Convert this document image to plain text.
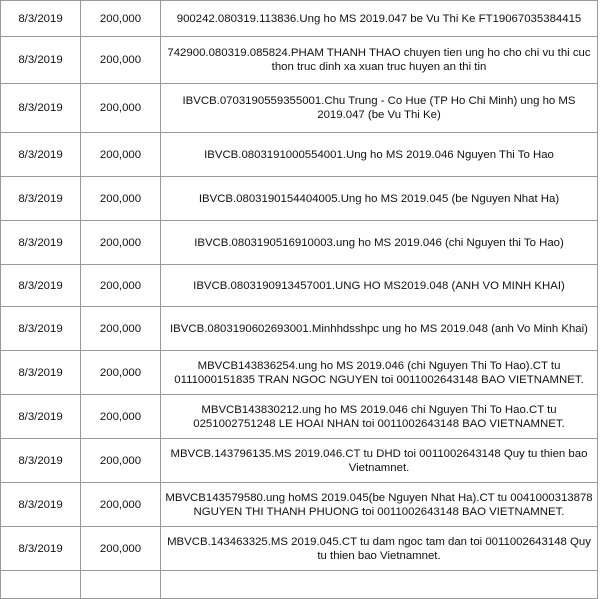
8/3/2019	200,000	900242.080319.113836.Ung ho MS 2019.047 be Vu Thi Ke FT19067035384415
8/3/2019	200,000	742900.080319.085824.PHAM THANH THAO chuyen tien ung ho cho chi vu thi cuc thon truc dinh xa xuan truc huyen an thi tin
8/3/2019	200,000	IBVCB.0703190559355001.Chu Trung - Co Hue (TP Ho Chi Minh) ung ho MS 2019.047 (be Vu Thi Ke)
8/3/2019	200,000	IBVCB.0803191000554001.Ung ho MS 2019.046 Nguyen Thi To Hao
8/3/2019	200,000	IBVCB.0803190154404005.Ung ho MS 2019.045 (be Nguyen Nhat Ha)
8/3/2019	200,000	IBVCB.0803190516910003.ung ho MS 2019.046 (chi Nguyen thi To Hao)
8/3/2019	200,000	IBVCB.0803190913457001.UNG HO MS2019.048 (ANH VO MINH KHAI)
8/3/2019	200,000	IBVCB.0803190602693001.Minhhdsshpc ung ho MS 2019.048 (anh Vo Minh Khai)
8/3/2019	200,000	MBVCB143836254.ung ho MS 2019.046 (chi Nguyen Thi To Hao).CT tu 0111000151835 TRAN NGOC NGUYEN toi 0011002643148 BAO VIETNAMNET.
8/3/2019	200,000	MBVCB143830212.ung ho MS 2019.046 chi Nguyen Thi To Hao.CT tu 0251002751248 LE HOAI NHAN toi 0011002643148 BAO VIETNAMNET.
8/3/2019	200,000	MBVCB.143796135.MS 2019.046.CT tu DHD toi 0011002643148 Quy tu thien bao Vietnamnet.
8/3/2019	200,000	MBVCB143579580.ung hoMS 2019.045(be Nguyen Nhat Ha).CT tu 0041000313878 NGUYEN THI THANH PHUONG toi 0011002643148 BAO VIETNAMNET.
8/3/2019	200,000	MBVCB.143463325.MS 2019.045.CT tu dam ngoc tam dan toi 0011002643148 Quy tu thien bao Vietnamnet.
